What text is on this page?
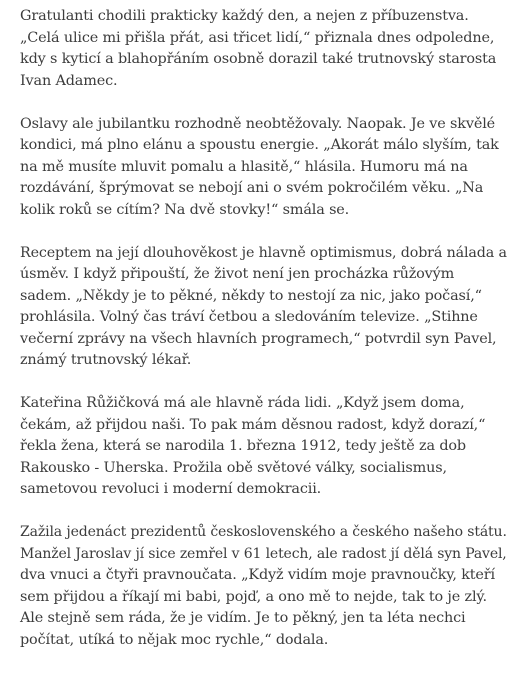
Gratulanti chodili prakticky každý den, a nejen z příbuzenstva.
„Celá ulice mi přišla přát, asi třicet lidí,“ přiznala dnes odpoledne,
kdy s kyticí a blahopřáním osobně dorazil také trutnovský starosta
Ivan Adamec.

Oslavy ale jubilantku rozhodně neobtěžovaly. Naopak. Je ve skvělé
kondici, má plno elánu a spoustu energie. „Akorát málo slyším, tak
na mě musíte mluvit pomalu a hlasitě,“ hlásila. Humoru má na
rozdávání, šprýmovat se nebojí ani o svém pokročilém věku. „Na
kolik roků se cítím? Na dvě stovky!“ smála se.

Receptem na její dlouhověkost je hlavně optimismus, dobrá nálada a
úsměv. I když připouští, že život není jen procházka růžovým
sadem. „Někdy je to pěkné, někdy to nestojí za nic, jako počasí,“
prohlásila. Volný čas tráví četbou a sledováním televize. „Stihne
večerní zprávy na všech hlavních programech,“ potvrdil syn Pavel,
známý trutnovský lékař.

Kateřina Růžičková má ale hlavně ráda lidi. „Když jsem doma,
čekám, až přijdou naši. To pak mám děsnou radost, když dorazí,“
řekla žena, která se narodila 1. března 1912, tedy ještě za dob
Rakousko - Uherska. Prožila obě světové války, socialismus,
sametovou revoluci i moderní demokracii.

Zažila jedenáct prezidentů československého a českého našeho státu.
Manžel Jaroslav jí sice zemřel v 61 letech, ale radost jí dělá syn Pavel,
dva vnuci a čtyři pravnoučata. „Když vidím moje pravnoučky, kteří
sem přijdou a říkají mi babi, pojď, a ono mě to nejde, tak to je zlý.
Ale stejně sem ráda, že je vidím. Je to pěkný, jen ta léta nechci
počítat, utíká to nějak moc rychle,“ dodala.
